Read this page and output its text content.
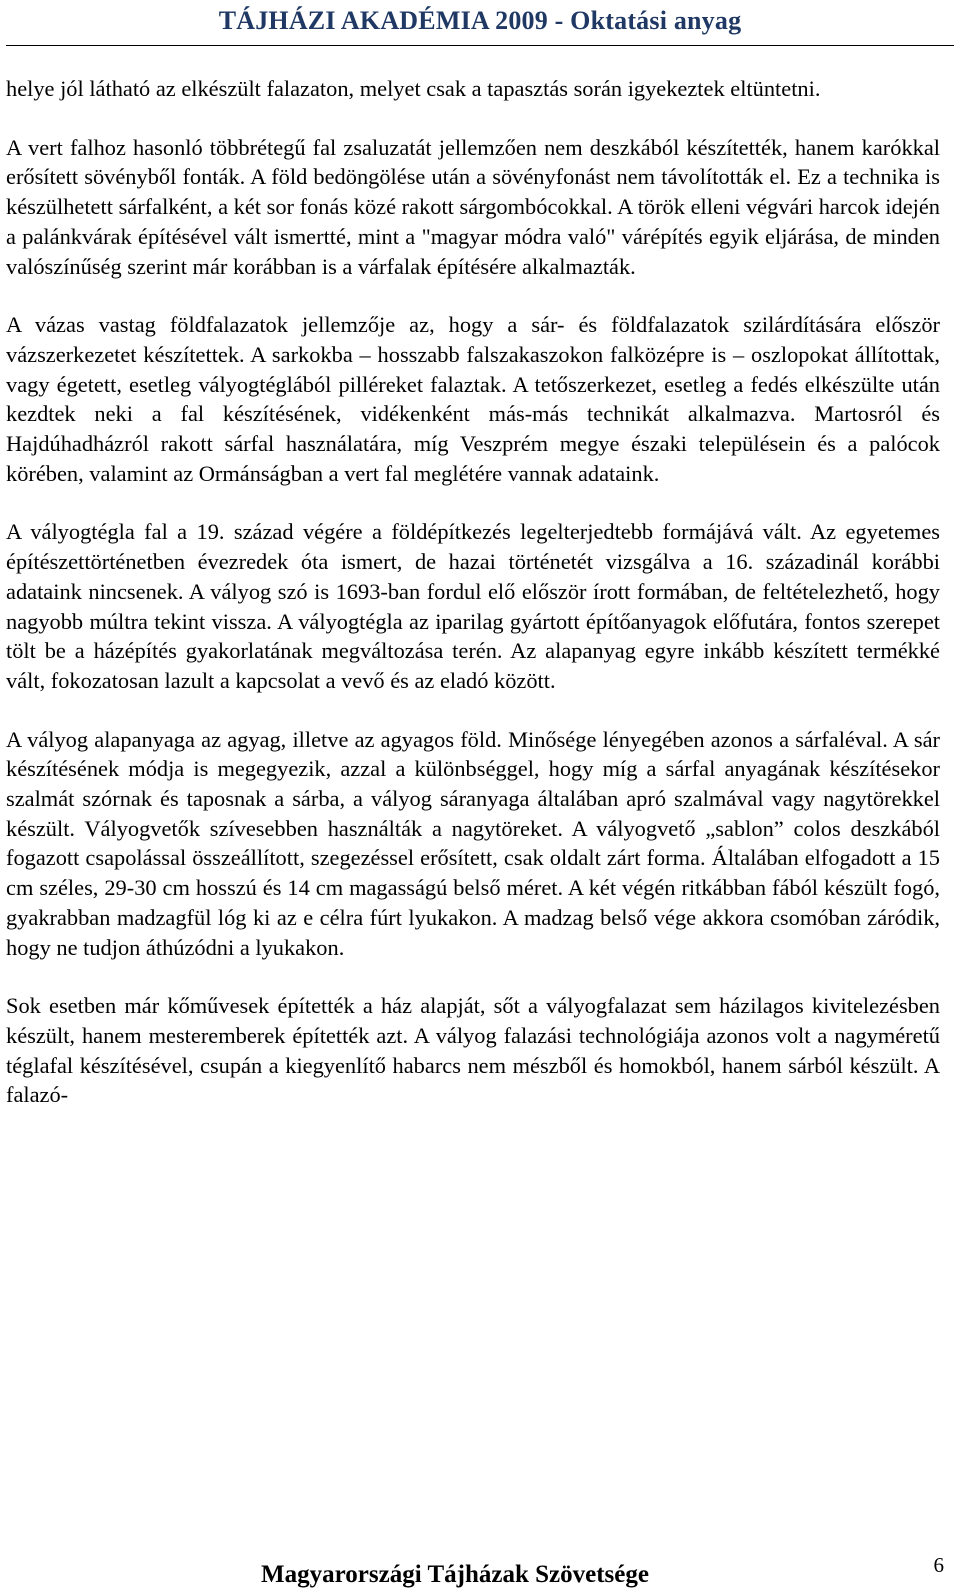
TÁJHÁZI AKADÉMIA 2009 - Oktatási anyag

helye jól látható az elkészült falazaton, melyet csak a tapasztás során igyekeztek eltüntetni.

A vert falhoz hasonló többrétegű fal zsaluzatát jellemzően nem deszkából készítették, hanem karókkal erősített sövényből fonták. A föld bedöngölése után a sövényfonást nem távolították el. Ez a technika is készülhetett sárfalként, a két sor fonás közé rakott sárgombócokkal. A török elleni végvári harcok idején a palánkvárak építésével vált ismertté, mint a "magyar módra való" várépítés egyik eljárása, de minden valószínűség szerint már korábban is a várfalak építésére alkalmazták.

A vázas vastag földfalazatok jellemzője az, hogy a sár- és földfalazatok szilárdítására először vázszerkezetet készítettek. A sarkokba – hosszabb falszakaszokon falközépre is – oszlopokat állítottak, vagy égetett, esetleg vályogtéglából pilléreket falaztak. A tetőszerkezet, esetleg a fedés elkészülte után kezdtek neki a fal készítésének, vidékenként más-más technikát alkalmazva. Martosról és Hajdúhadházról rakott sárfal használatára, míg Veszprém megye északi településein és a palócok körében, valamint az Ormánságban a vert fal meglétére vannak adataink.

A vályogtégla fal a 19. század végére a földépítkezés legelterjedtebb formájává vált. Az egyetemes építészettörténetben évezredek óta ismert, de hazai történetét vizsgálva a 16. századinál korábbi adataink nincsenek. A vályog szó is 1693-ban fordul elő először írott formában, de feltételezhető, hogy nagyobb múltra tekint vissza. A vályogtégla az iparilag gyártott építőanyagok előfutára, fontos szerepet tölt be a házépítés gyakorlatának megváltozása terén. Az alapanyag egyre inkább készített termékké vált, fokozatosan lazult a kapcsolat a vevő és az eladó között.

A vályog alapanyaga az agyag, illetve az agyagos föld. Minősége lényegében azonos a sárfaléval. A sár készítésének módja is megegyezik, azzal a különbséggel, hogy míg a sárfal anyagának készítésekor szalmát szórnak és taposnak a sárba, a vályog sáranyaga általában apró szalmával vagy nagytörekkel készült. Vályogvetők szívesebben használták a nagytöreket. A vályogvető „sablon” colos deszkából fogazott csapolással összeállított, szegezéssel erősített, csak oldalt zárt forma. Általában elfogadott a 15 cm széles, 29-30 cm hosszú és 14 cm magasságú belső méret. A két végén ritkábban fából készült fogó, gyakrabban madzagfül lóg ki az e célra fúrt lyukakon. A madzag belső vége akkora csomóban záródik, hogy ne tudjon áthúzódni a lyukakon.

Sok esetben már kőművesek építették a ház alapját, sőt a vályogfalazat sem házilagos kivitelezésben készült, hanem mesteremberek építették azt. A vályog falazási technológiája azonos volt a nagyméretű téglafal készítésével, csupán a kiegyenlítő habarcs nem mészből és homokból, hanem sárból készült. A falazó-

Magyarországi Tájházak Szövetsége	6
